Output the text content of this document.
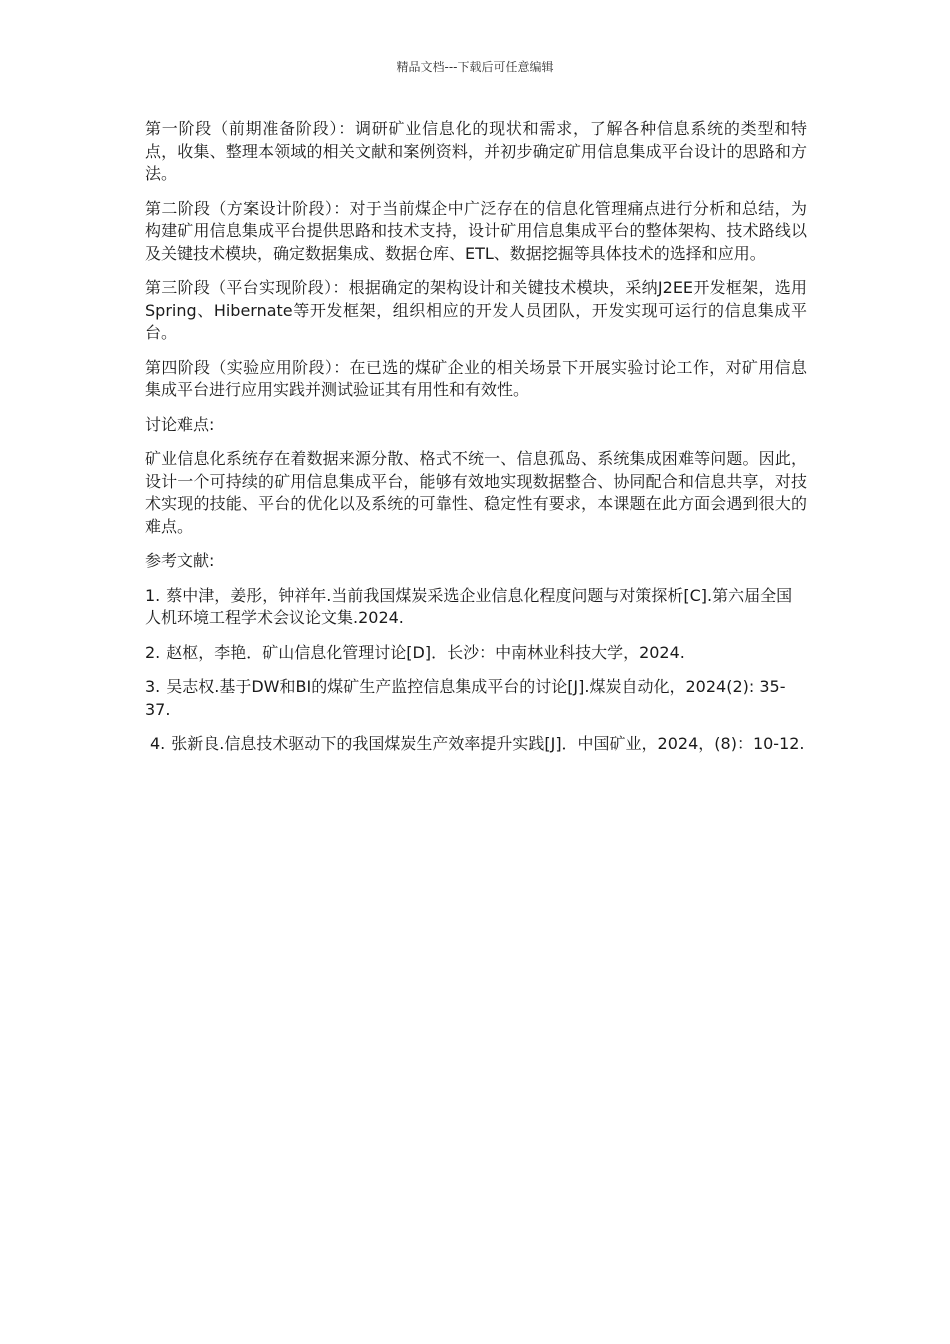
精品文档---下载后可任意编辑

第一阶段（前期准备阶段）：调研矿业信息化的现状和需求，了解各种信息系统的类型和特点，收集、整理本领域的相关文献和案例资料，并初步确定矿用信息集成平台设计的思路和方法。

第二阶段（方案设计阶段）：对于当前煤企中广泛存在的信息化管理痛点进行分析和总结，为构建矿用信息集成平台提供思路和技术支持，设计矿用信息集成平台的整体架构、技术路线以及关键技术模块，确定数据集成、数据仓库、ETL、数据挖掘等具体技术的选择和应用。

第三阶段（平台实现阶段）：根据确定的架构设计和关键技术模块，采纳J2EE开发框架，选用Spring、Hibernate等开发框架，组织相应的开发人员团队，开发实现可运行的信息集成平台。

第四阶段（实验应用阶段）：在已选的煤矿企业的相关场景下开展实验讨论工作，对矿用信息集成平台进行应用实践并测试验证其有用性和有效性。

讨论难点:

矿业信息化系统存在着数据来源分散、格式不统一、信息孤岛、系统集成困难等问题。因此，设计一个可持续的矿用信息集成平台，能够有效地实现数据整合、协同配合和信息共享，对技术实现的技能、平台的优化以及系统的可靠性、稳定性有要求，本课题在此方面会遇到很大的难点。

参考文献:

1. 蔡中津，姜彤，钟祥年.当前我国煤炭采选企业信息化程度问题与对策探析[C].第六届全国人机环境工程学术会议论文集.2024.
2. 赵枢，李艳．矿山信息化管理讨论[D]．长沙：中南林业科技大学，2024.
3. 吴志权.基于DW和BI的煤矿生产监控信息集成平台的讨论[J].煤炭自动化，2024(2): 35-37.
4. 张新良.信息技术驱动下的我国煤炭生产效率提升实践[J]．中国矿业，2024，(8)：10-12.
